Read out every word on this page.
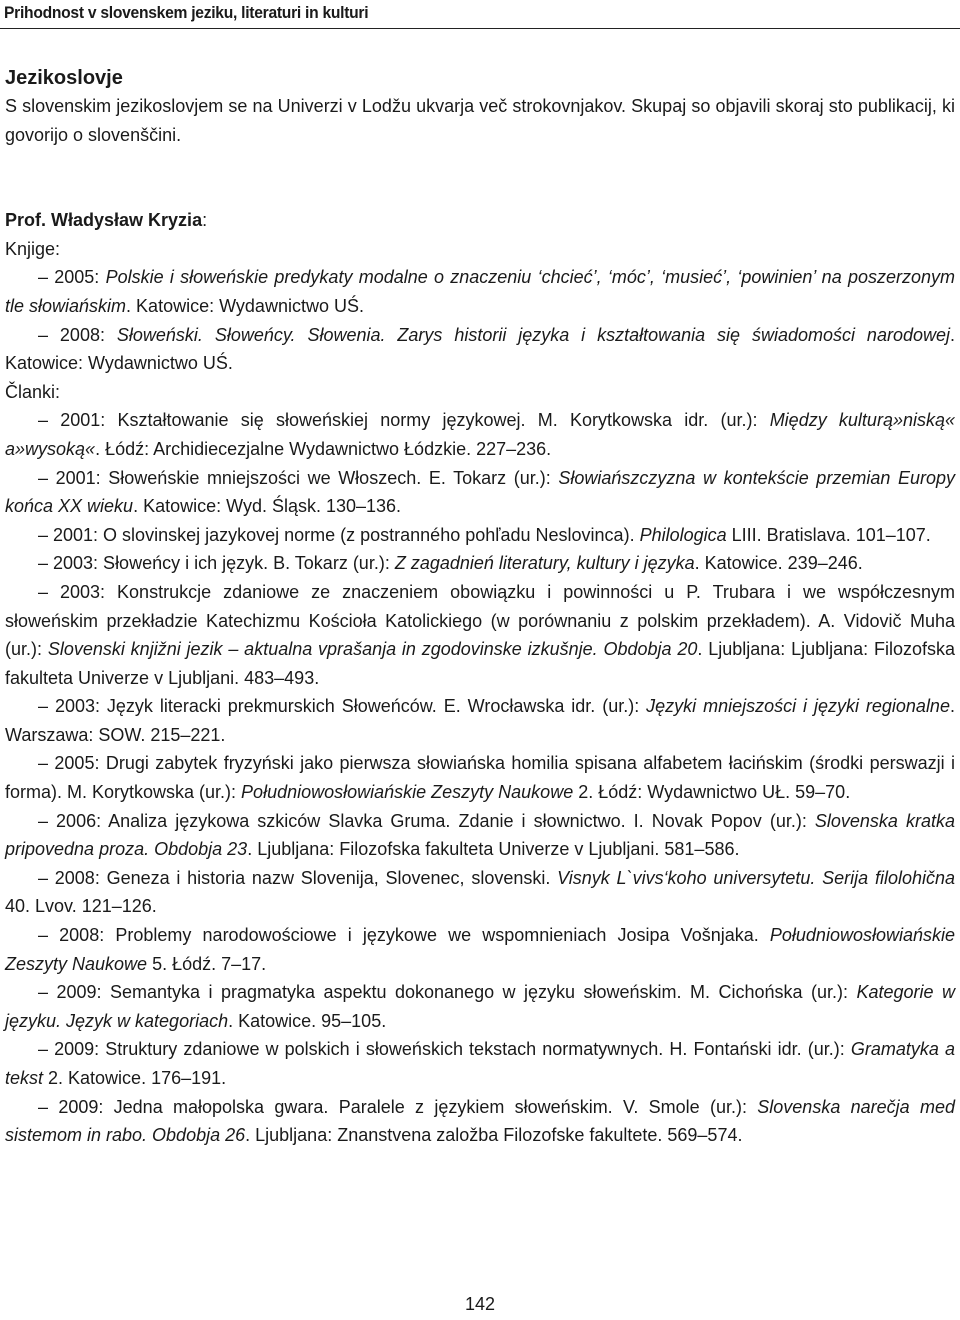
Prihodnost v slovenskem jeziku, literaturi in kulturi
Jezikoslovje

S slovenskim jezikoslovjem se na Univerzi v Lodžu ukvarja več strokovnjakov. Skupaj so objavili skoraj sto publikacij, ki govorijo o slovenščini.

Prof. Władysław Kryzia:

Knjige:

– 2005: Polskie i słoweńskie predykaty modalne o znaczeniu ‘chcieć’, ‘móc’, ‘musieć’, ‘powinien’ na poszerzonym tle słowiańskim. Katowice: Wydawnictwo UŚ.

– 2008: Słoweński. Słoweńcy. Słowenia. Zarys historii języka i kształtowania się świadomości narodowej. Katowice: Wydawnictwo UŚ.

Članki:

– 2001: Kształtowanie się słoweńskiej normy językowej. M. Korytkowska idr. (ur.): Między kulturą»niską« a»wysoką«. Łódź: Archidiecezjalne Wydawnictwo Łódzkie. 227–236.

– 2001: Słoweńskie mniejszości we Włoszech. E. Tokarz (ur.): Słowiańszczyzna w kontekście przemian Europy końca XX wieku. Katowice: Wyd. Śląsk. 130–136.

– 2001: O slovinskej jazykovej norme (z postranného pohľadu Neslovinca). Philologica LIII. Bratislava. 101–107.

– 2003: Słoweńcy i ich język. B. Tokarz (ur.): Z zagadnień literatury, kultury i języka. Katowice. 239–246.

– 2003: Konstrukcje zdaniowe ze znaczeniem obowiązku i powinności u P. Trubara i we współczesnym słoweńskim przekładzie Katechizmu Kościoła Katolickiego (w porównaniu z polskim przekładem). A. Vidovič Muha (ur.): Slovenski knjižni jezik – aktualna vprašanja in zgodovinske izkušnje. Obdobja 20. Ljubljana: Ljubljana: Filozofska fakulteta Univerze v Ljubljani. 483–493.

– 2003: Język literacki prekmurskich Słoweńców. E. Wrocławska idr. (ur.): Języki mniejszości i języki regionalne. Warszawa: SOW. 215–221.

– 2005: Drugi zabytek fryzyński jako pierwsza słowiańska homilia spisana alfabetem łacińskim (środki perswazji i forma). M. Korytkowska (ur.): Południowosłowiańskie Zeszyty Naukowe 2. Łódź: Wydawnictwo UŁ. 59–70.

– 2006: Analiza językowa szkiców Slavka Gruma. Zdanie i słownictwo. I. Novak Popov (ur.): Slovenska kratka pripovedna proza. Obdobja 23. Ljubljana: Filozofska fakulteta Univerze v Ljubljani. 581–586.

– 2008: Geneza i historia nazw Slovenija, Slovenec, slovenski. Visnyk L`vivs‘koho universytetu. Serija filolohična 40. Lvov. 121–126.

– 2008: Problemy narodowościowe i językowe we wspomnieniach Josipa Vošnjaka. Południowosłowiańskie Zeszyty Naukowe 5. Łódź. 7–17.

– 2009: Semantyka i pragmatyka aspektu dokonanego w języku słoweńskim. M. Cichońska (ur.): Kategorie w języku. Język w kategoriach. Katowice. 95–105.

– 2009: Struktury zdaniowe w polskich i słoweńskich tekstach normatywnych. H. Fontański idr. (ur.): Gramatyka a tekst 2. Katowice. 176–191.

– 2009: Jedna małopolska gwara. Paralele z językiem słoweńskim. V. Smole (ur.): Slovenska narečja med sistemom in rabo. Obdobja 26. Ljubljana: Znanstvena založba Filozofske fakultete. 569–574.

142
